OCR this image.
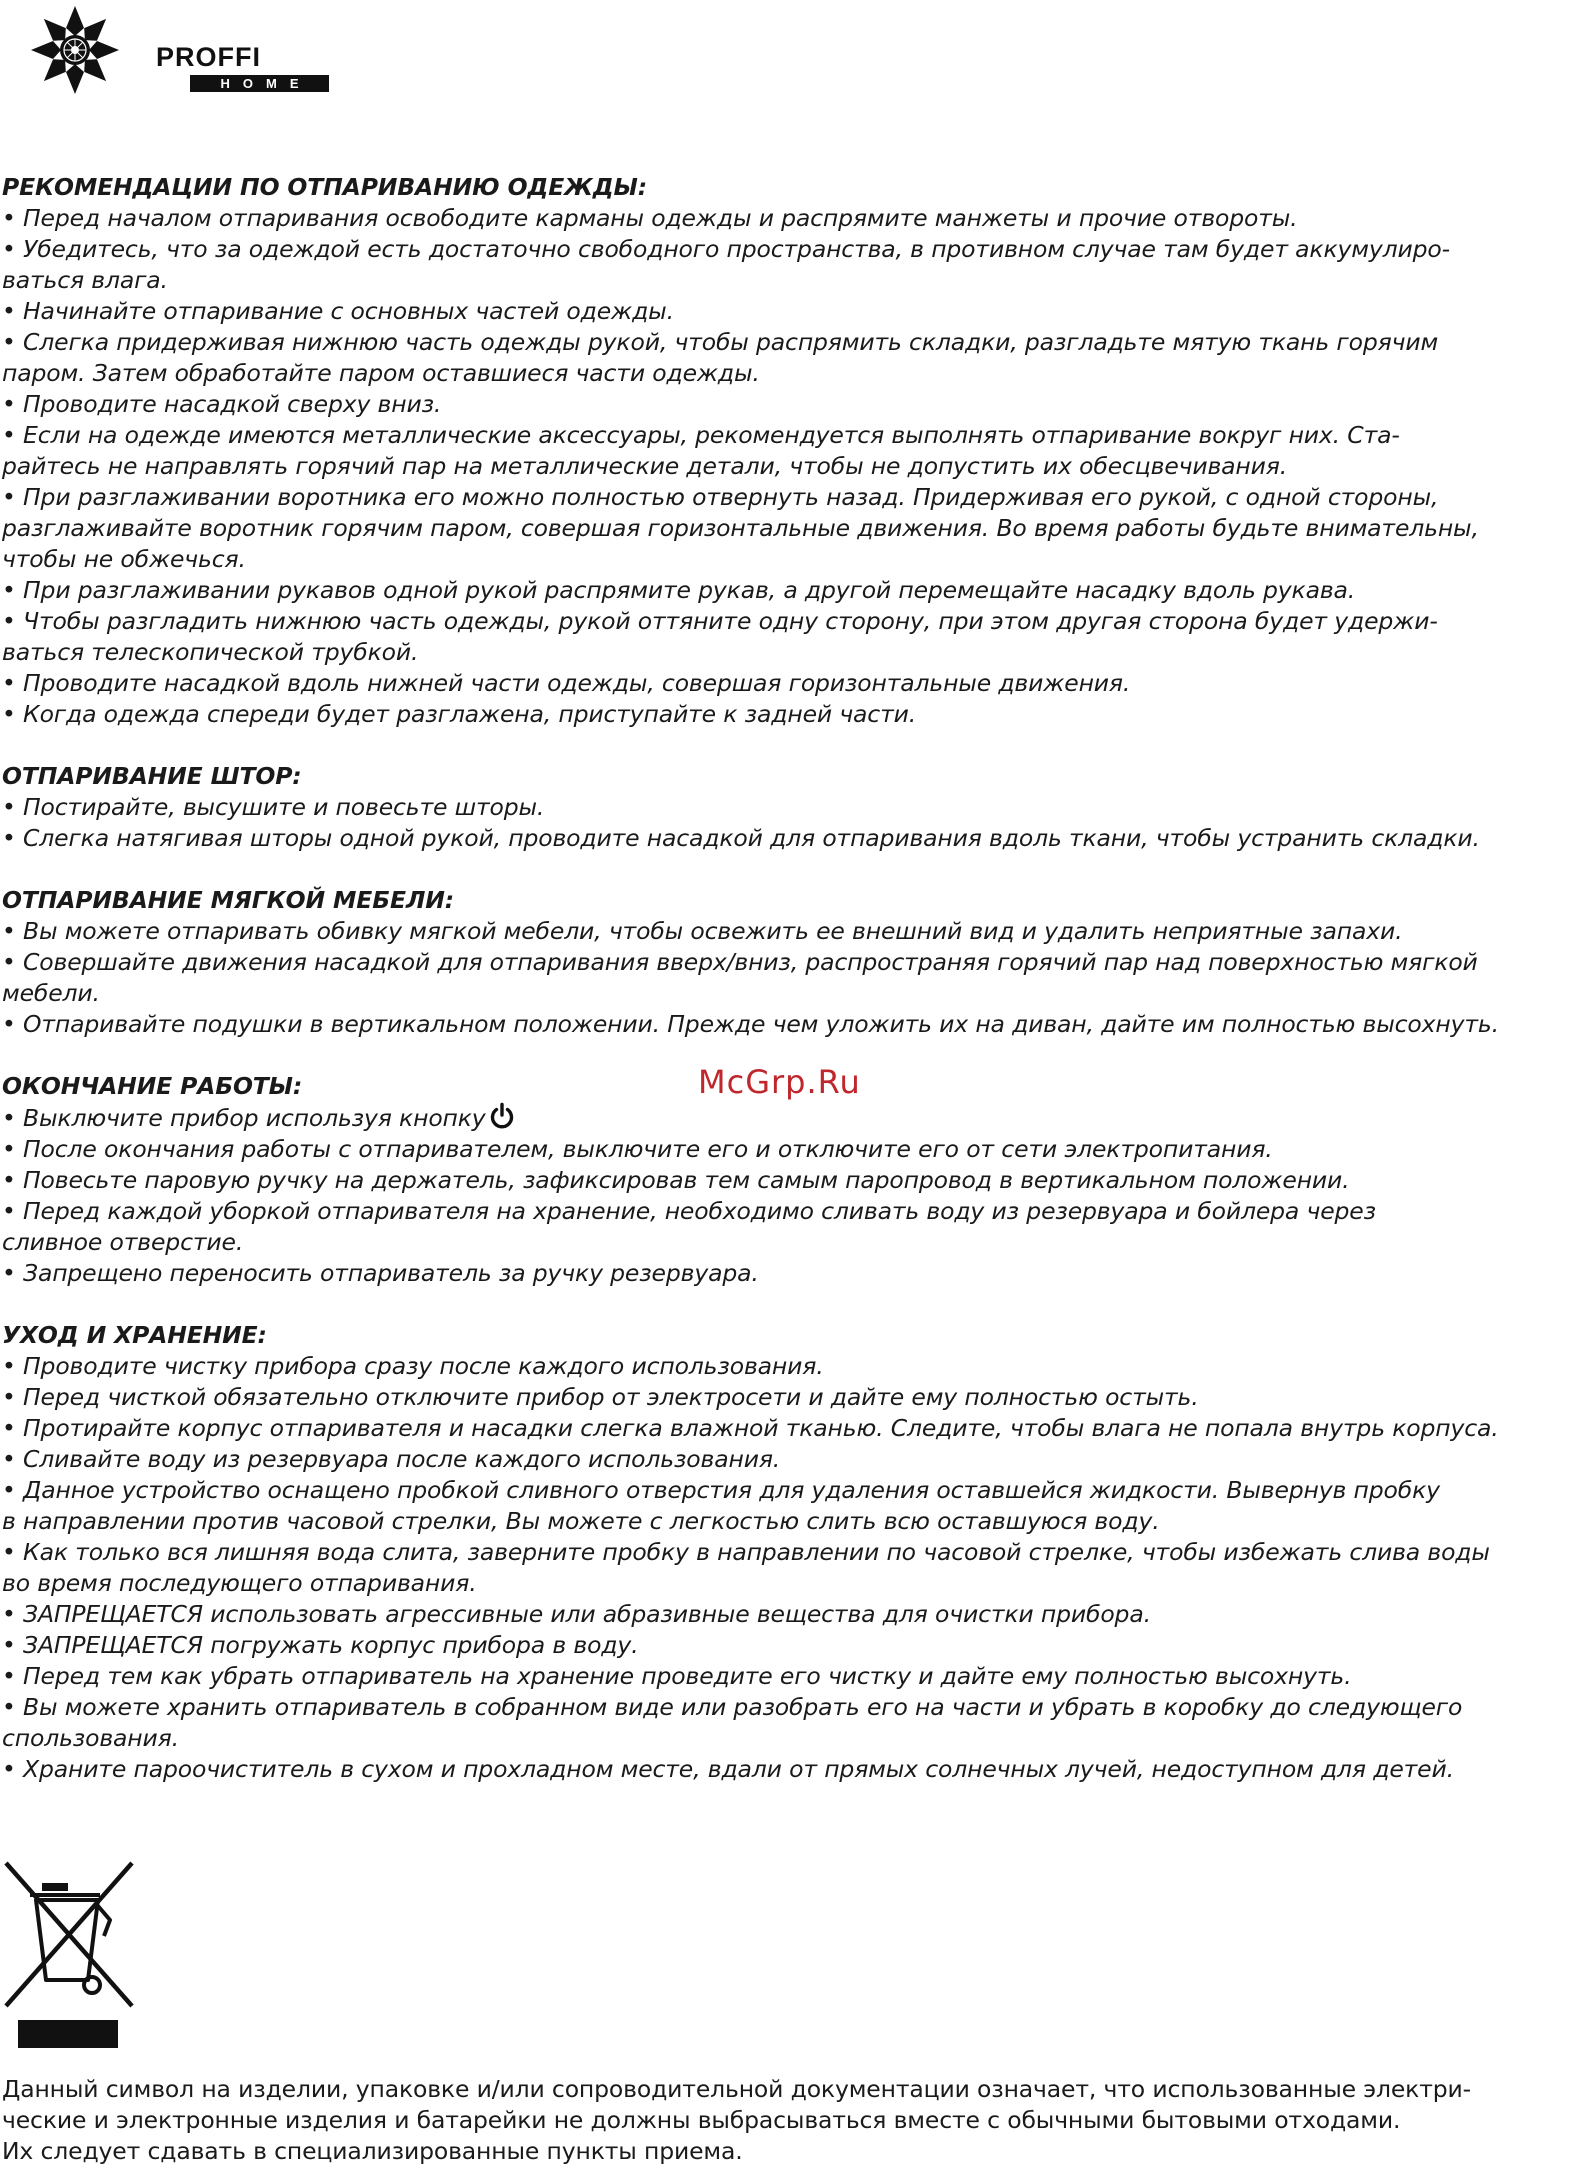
PROFFI
HOME
РЕКОМЕНДАЦИИ ПО ОТПАРИВАНИЮ ОДЕЖДЫ:
• Перед началом отпаривания освободите карманы одежды и распрямите манжеты и прочие отвороты.
• Убедитесь, что за одеждой есть достаточно свободного пространства, в противном случае там будет аккумулиро-
ваться влага.
• Начинайте отпаривание с основных частей одежды.
• Слегка придерживая нижнюю часть одежды рукой, чтобы распрямить складки, разгладьте мятую ткань горячим
паром. Затем обработайте паром оставшиеся части одежды.
• Проводите насадкой сверху вниз.
• Если на одежде имеются металлические аксессуары, рекомендуется выполнять отпаривание вокруг них. Ста-
райтесь не направлять горячий пар на металлические детали, чтобы не допустить их обесцвечивания.
• При разглаживании воротника его можно полностью отвернуть назад. Придерживая его рукой, с одной стороны,
разглаживайте воротник горячим паром, совершая горизонтальные движения. Во время работы будьте внимательны,
чтобы не обжечься.
• При разглаживании рукавов одной рукой распрямите рукав, а другой перемещайте насадку вдоль рукава.
• Чтобы разгладить нижнюю часть одежды, рукой оттяните одну сторону, при этом другая сторона будет удержи-
ваться телескопической трубкой.
• Проводите насадкой вдоль нижней части одежды, совершая горизонтальные движения.
• Когда одежда спереди будет разглажена, приступайте к задней части.
ОТПАРИВАНИЕ ШТОР:
• Постирайте, высушите и повесьте шторы.
• Слегка натягивая шторы одной рукой, проводите насадкой для отпаривания вдоль ткани, чтобы устранить складки.
ОТПАРИВАНИЕ МЯГКОЙ МЕБЕЛИ:
• Вы можете отпаривать обивку мягкой мебели, чтобы освежить ее внешний вид и удалить неприятные запахи.
• Совершайте движения насадкой для отпаривания вверх/вниз, распространяя горячий пар над поверхностью мягкой
мебели.
• Отпаривайте подушки в вертикальном положении. Прежде чем уложить их на диван, дайте им полностью высохнуть.
ОКОНЧАНИЕ РАБОТЫ:
• Выключите прибор используя кнопку
• После окончания работы с отпаривателем, выключите его и отключите его от сети электропитания.
• Повесьте паровую ручку на держатель, зафиксировав тем самым паропровод в вертикальном положении.
• Перед каждой уборкой отпаривателя на хранение, необходимо сливать воду из резервуара и бойлера через
сливное отверстие.
• Запрещено переносить отпариватель за ручку резервуара.
УХОД И ХРАНЕНИЕ:
• Проводите чистку прибора сразу после каждого использования.
• Перед чисткой обязательно отключите прибор от электросети и дайте ему полностью остыть.
• Протирайте корпус отпаривателя и насадки слегка влажной тканью. Следите, чтобы влага не попала внутрь корпуса.
• Сливайте воду из резервуара после каждого использования.
• Данное устройство оснащено пробкой сливного отверстия для удаления оставшейся жидкости. Вывернув пробку
в направлении против часовой стрелки, Вы можете с легкостью слить всю оставшуюся воду.
• Как только вся лишняя вода слита, заверните пробку в направлении по часовой стрелке, чтобы избежать слива воды
во время последующего отпаривания.
• ЗАПРЕЩАЕТСЯ использовать агрессивные или абразивные вещества для очистки прибора.
• ЗАПРЕЩАЕТСЯ погружать корпус прибора в воду.
• Перед тем как убрать отпариватель на хранение проведите его чистку и дайте ему полностью высохнуть.
• Вы можете хранить отпариватель в собранном виде или разобрать его на части и убрать в коробку до следующего
спользования.
• Храните пароочиститель в сухом и прохладном месте, вдали от прямых солнечных лучей, недоступном для детей.
McGrp.Ru
Данный символ на изделии, упаковке и/или сопроводительной документации означает, что использованные электри-
ческие и электронные изделия и батарейки не должны выбрасываться вместе с обычными бытовыми отходами.
Их следует сдавать в специализированные пункты приема.
